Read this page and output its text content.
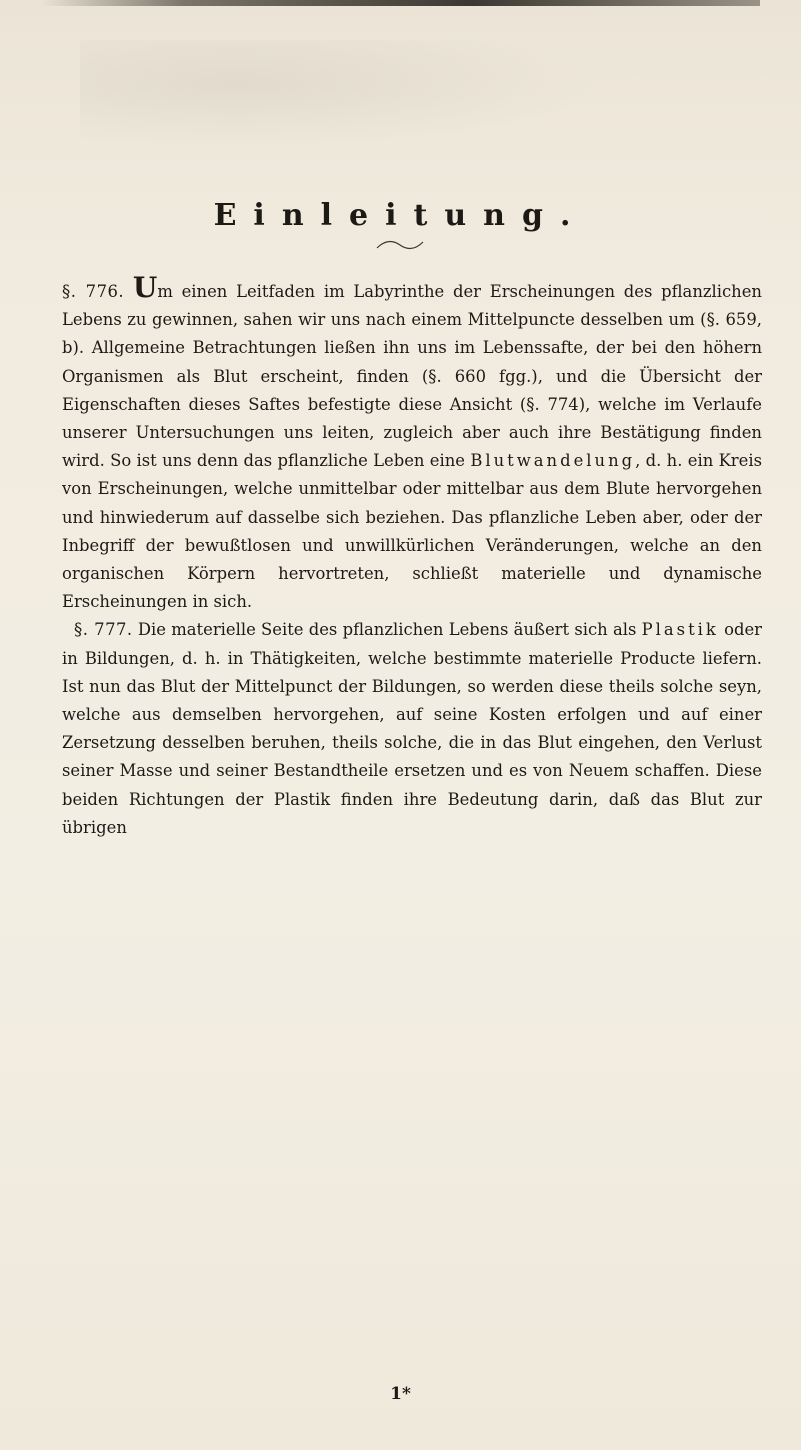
Einleitung.

§. 776. Um einen Leitfaden im Labyrinthe der Erscheinungen des pflanzlichen Lebens zu gewinnen, sahen wir uns nach einem Mittelpuncte desselben um (§. 659, b). Allgemeine Betrachtungen ließen ihn uns im Lebenssafte, der bei den höhern Organismen als Blut erscheint, finden (§. 660 fgg.), und die Übersicht der Eigenschaften dieses Saftes befestigte diese Ansicht (§. 774), welche im Verlaufe unserer Untersuchungen uns leiten, zugleich aber auch ihre Bestätigung finden wird. So ist uns denn das pflanzliche Leben eine Blutwandelung, d. h. ein Kreis von Erscheinungen, welche unmittelbar oder mittelbar aus dem Blute hervorgehen und hinwiederum auf dasselbe sich beziehen. Das pflanzliche Leben aber, oder der Inbegriff der bewußtlosen und unwillkürlichen Veränderungen, welche an den organischen Körpern hervortreten, schließt materielle und dynamische Erscheinungen in sich.

§. 777. Die materielle Seite des pflanzlichen Lebens äußert sich als Plastik oder in Bildungen, d. h. in Thätigkeiten, welche bestimmte materielle Producte liefern. Ist nun das Blut der Mittelpunct der Bildungen, so werden diese theils solche seyn, welche aus demselben hervorgehen, auf seine Kosten erfolgen und auf einer Zersetzung desselben beruhen, theils solche, die in das Blut eingehen, den Verlust seiner Masse und seiner Bestandtheile ersetzen und es von Neuem schaffen. Diese beiden Richtungen der Plastik finden ihre Bedeutung darin, daß das Blut zur übrigen

1*
